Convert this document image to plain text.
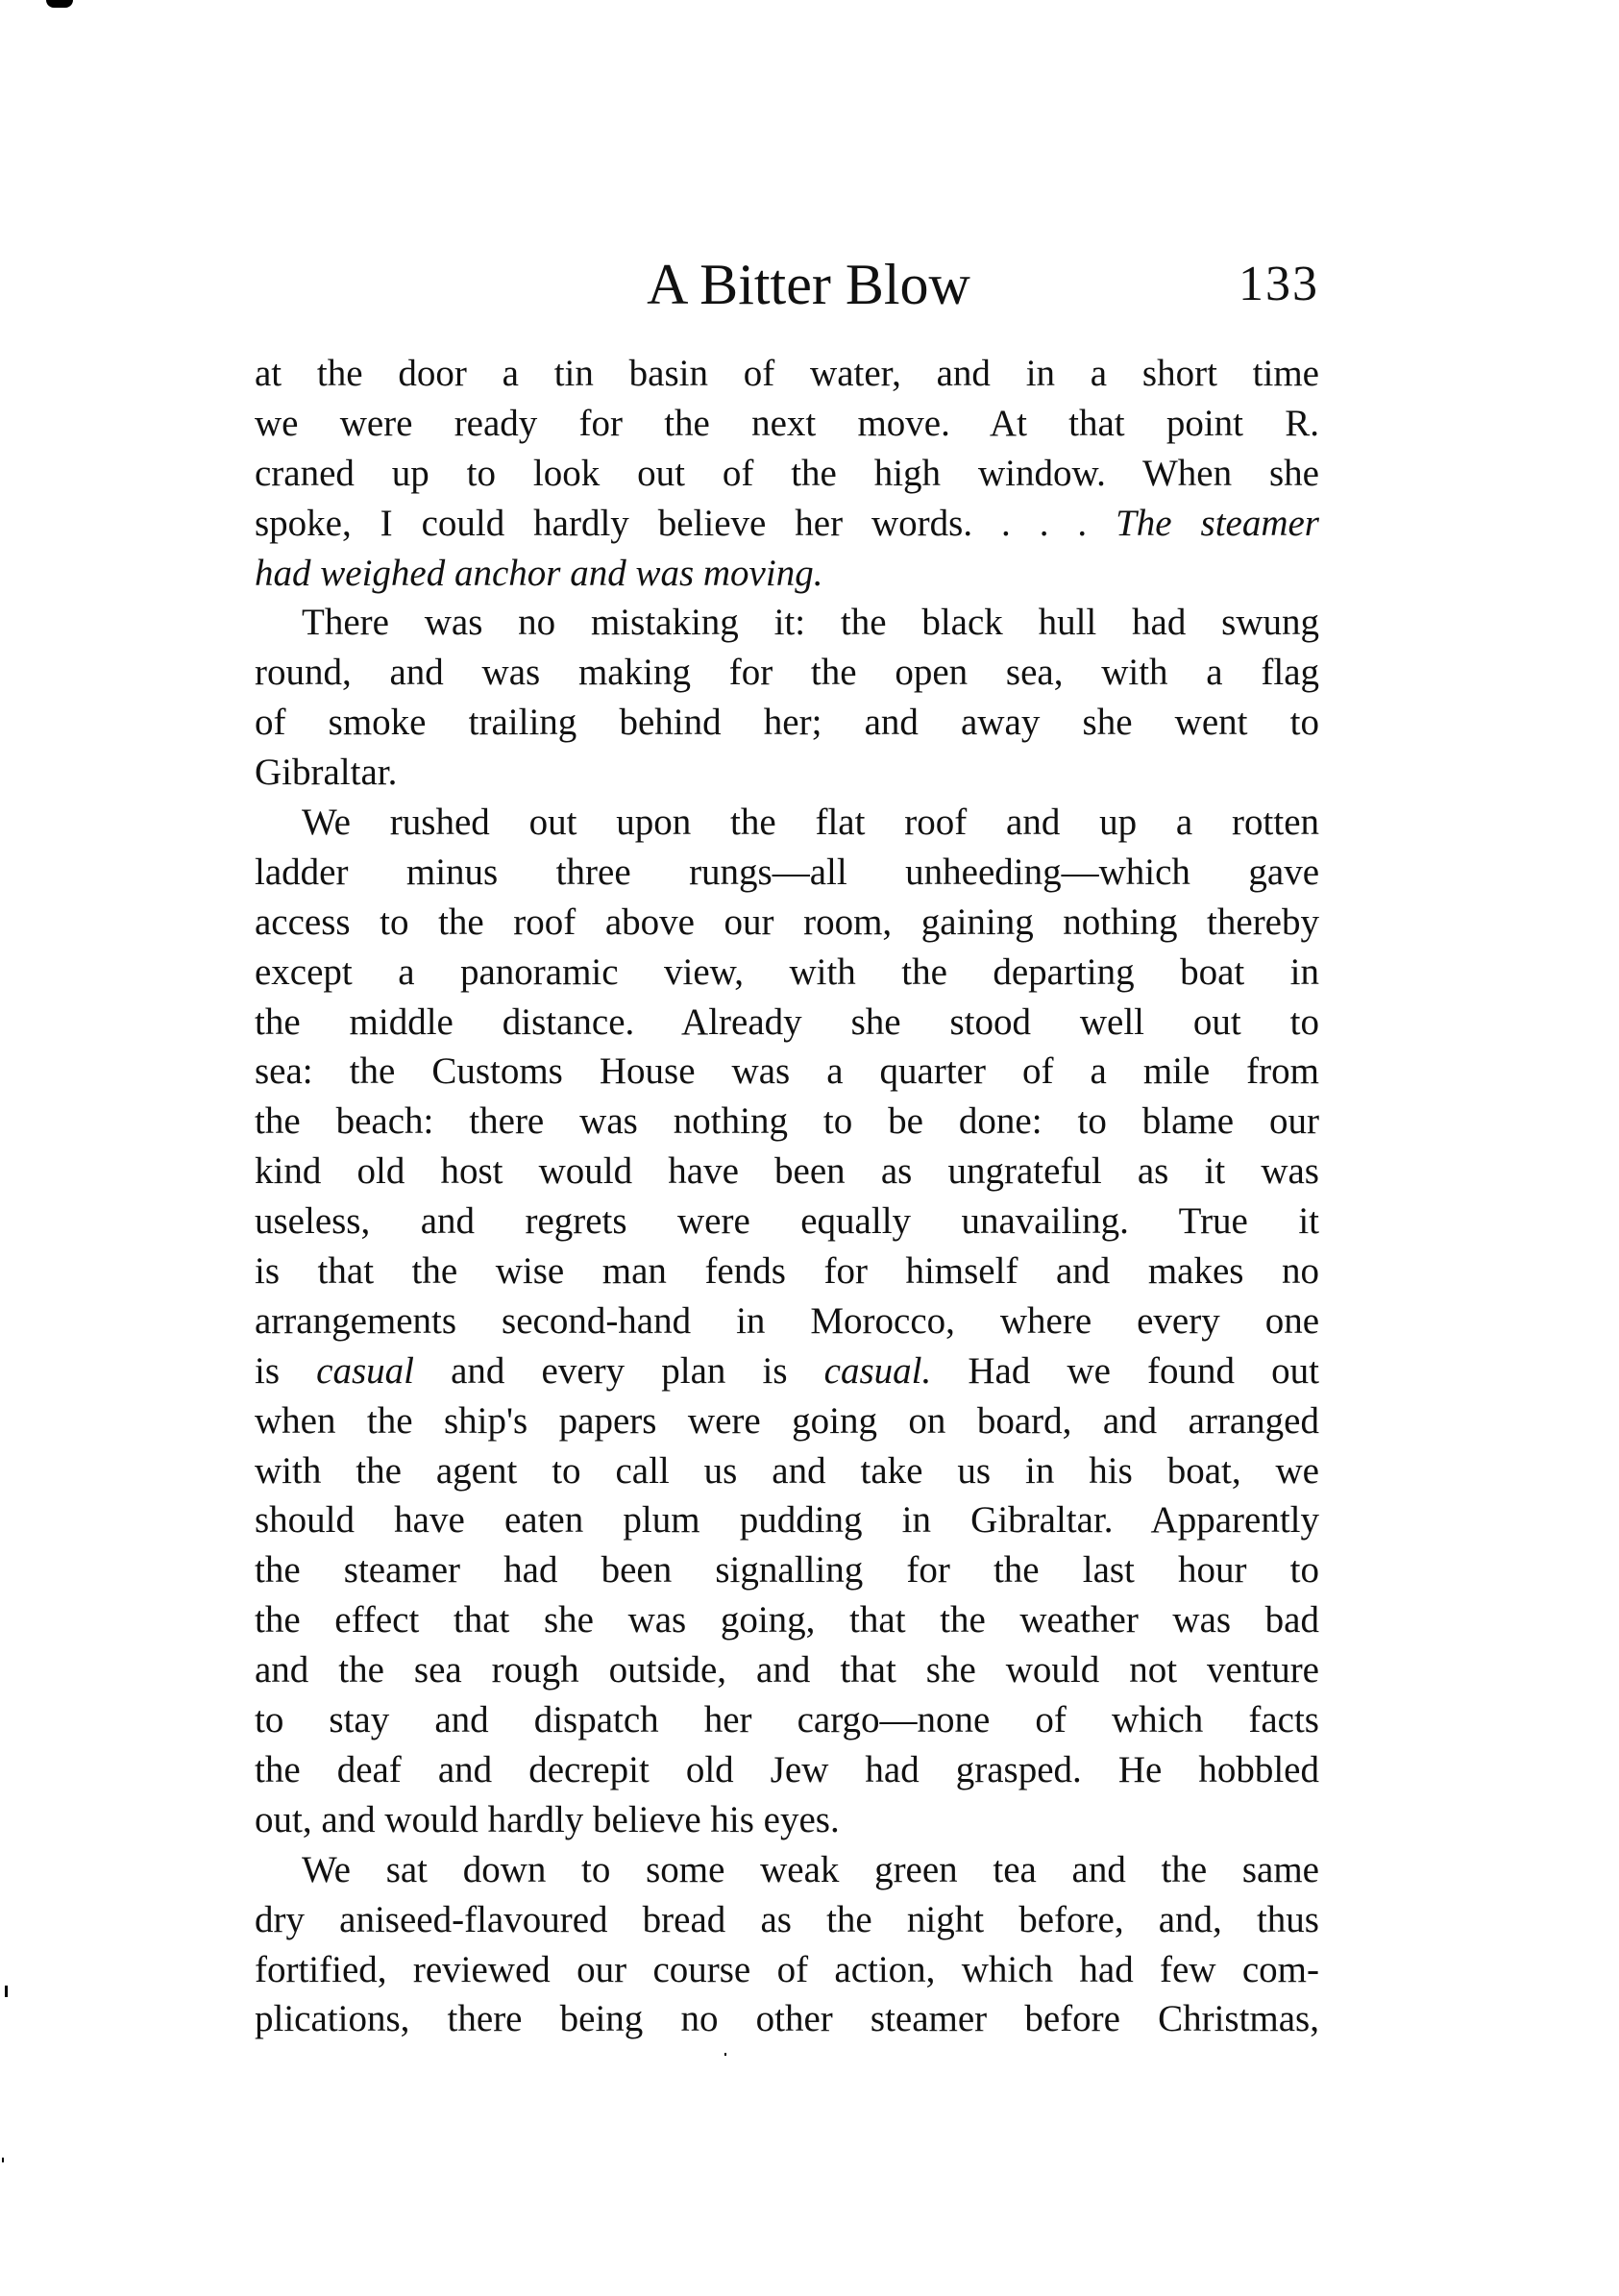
A Bitter Blow	133
at the door a tin basin of water, and in a short time
we were ready for the next move. At that point R.
craned up to look out of the high window. When she
spoke, I could hardly believe her words. . . . The steamer
had weighed anchor and was moving.
There was no mistaking it: the black hull had swung
round, and was making for the open sea, with a flag
of smoke trailing behind her; and away she went to
Gibraltar.
We rushed out upon the flat roof and up a rotten
ladder minus three rungs—all unheeding—which gave
access to the roof above our room, gaining nothing thereby
except a panoramic view, with the departing boat in
the middle distance. Already she stood well out to
sea: the Customs House was a quarter of a mile from
the beach: there was nothing to be done: to blame our
kind old host would have been as ungrateful as it was
useless, and regrets were equally unavailing. True it
is that the wise man fends for himself and makes no
arrangements second-hand in Morocco, where every one
is casual and every plan is casual. Had we found out
when the ship's papers were going on board, and arranged
with the agent to call us and take us in his boat, we
should have eaten plum pudding in Gibraltar. Apparently
the steamer had been signalling for the last hour to
the effect that she was going, that the weather was bad
and the sea rough outside, and that she would not venture
to stay and dispatch her cargo—none of which facts
the deaf and decrepit old Jew had grasped. He hobbled
out, and would hardly believe his eyes.
We sat down to some weak green tea and the same
dry aniseed-flavoured bread as the night before, and, thus
fortified, reviewed our course of action, which had few com-
plications, there being no other steamer before Christmas,
